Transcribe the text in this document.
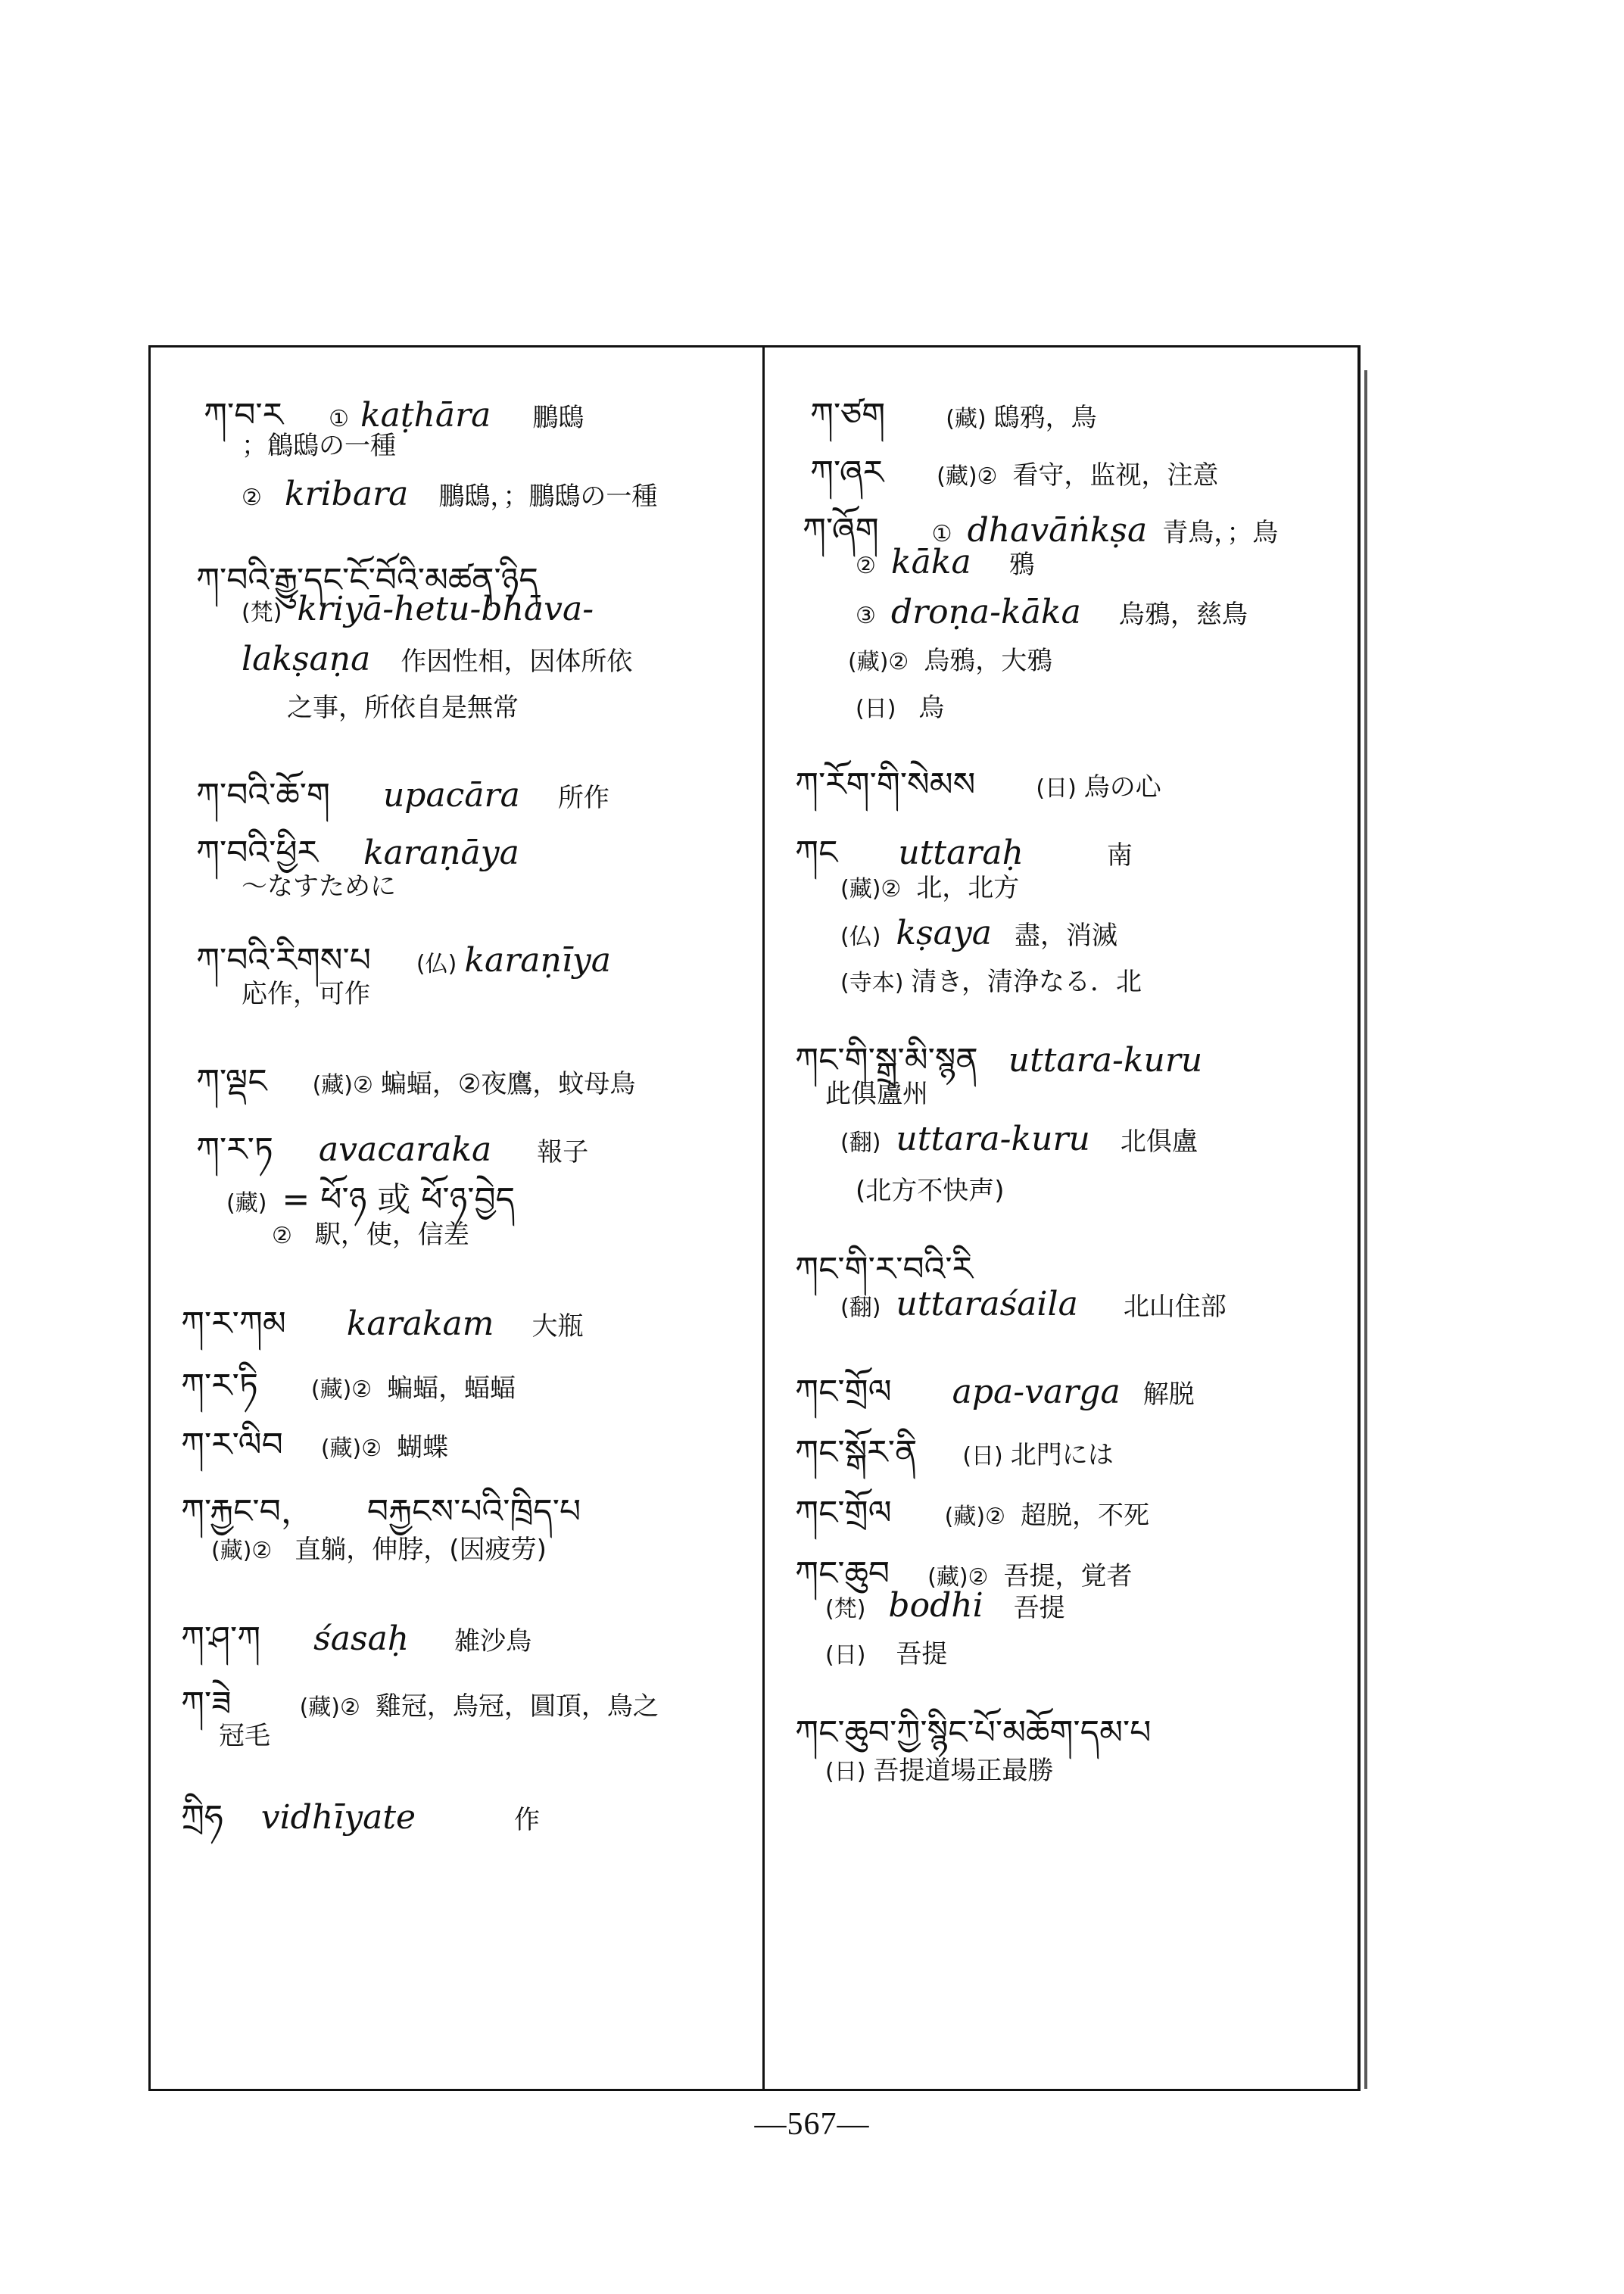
ཀ་བ་ར ① kaṭhāra 鵬鴟
；鶬鴟の一種
② kribara 鵬鴟，；鵬鴟の一種
ཀ་བའི་རྒྱུ་དང་ངོ་བོའི་མཚན་ཉིད
(梵) kriyā-hetu-bhāva-
lakṣaṇa 作因性相，因体所依
之事，所依自是無常
ཀ་བའི་ཆོ་ག upacāra 所作
ཀ་བའི་ཕྱིར karaṇāya
～なすために
ཀ་བའི་རིགས་པ (仏) karaṇīya
応作，可作
ཀ་ལྡང (藏)② 蝙蝠，②夜鷹，蚊母鳥
ཀ་ར་ཏ avacaraka 報子
(藏) = ཕོ་ཉ 或 ཕོ་ཉ་བྱེད
② 駅，使，信差
ཀ་ར་ཀམ karakam 大瓶
ཀ་ར་ཏི (藏)② 蝙蝠，蝠蝠
ཀ་ར་ལིབ (藏)② 蝴蝶
ཀ་རྐྱང་བ， བརྐྱངས་པའི་ཁྲིད་པ
(藏)② 直躺，伸脖，(因疲劳)
ཀ་ཤ་ཀ śasaḥ 雑沙鳥
ཀ་ཟེ	(藏)② 雞冠，鳥冠，圓頂，鳥之
冠毛
ཀྲིཧ vidhīyate	作
ཀ་ཙག	(藏) 鴟鸦，鳥
ཀ་ཞར (藏)② 看守，监视，注意
ཀ་ཞོག ① dhavāṅkṣa 青鳥，；鳥
② kāka 鴉
③ droṇa-kāka 烏鴉，慈鳥
(藏)② 烏鴉，大鴉
(日) 烏
ཀ་རོག་གི་སེམས	(日) 烏の心
ཀང uttaraḥ	南
(藏)② 北，北方
(仏) kṣaya 盡，消滅
(寺本) 清き，清浄なる．北
ཀང་གི་སྒྲ་མི་སྙན uttara-kuru
此俱盧州
(翻) uttara-kuru 北俱盧
(北方不快声)
ཀང་གི་ར་བའི་རི
(翻) uttaraśaila 北山住部
ཀང་གྲོལ apa-varga 解脱
ཀང་སྒོར་ནི (日) 北門には
ཀང་གྲོལ (藏)② 超脱，不死
ཀང་ཆུབ (藏)② 吾提，覚者
(梵) bodhi 吾提
(日) 吾提
ཀང་ཆུབ་ཀྱི་སྙིང་པོ་མཆོག་དམ་པ
(日) 吾提道場正最勝
—567—
